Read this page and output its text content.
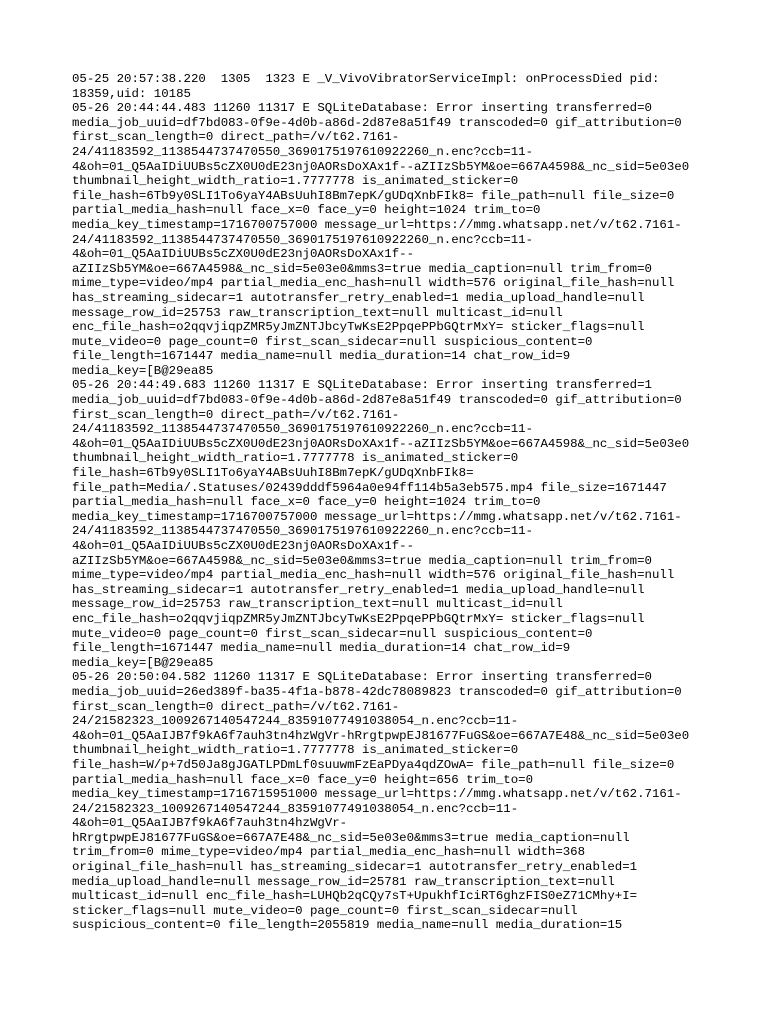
05-25 20:57:38.220  1305  1323 E _V_VivoVibratorServiceImpl: onProcessDied pid:
18359,uid: 10185
05-26 20:44:44.483 11260 11317 E SQLiteDatabase: Error inserting transferred=0
media_job_uuid=df7bd083-0f9e-4d0b-a86d-2d87e8a51f49 transcoded=0 gif_attribution=0
first_scan_length=0 direct_path=/v/t62.7161-
24/41183592_1138544737470550_3690175197610922260_n.enc?ccb=11-
4&oh=01_Q5AaIDiUUBs5cZX0U0dE23nj0AORsDoXAx1f--aZIIzSb5YM&oe=667A4598&_nc_sid=5e03e0
thumbnail_height_width_ratio=1.7777778 is_animated_sticker=0
file_hash=6Tb9y0SLI1To6yaY4ABsUuhI8Bm7epK/gUDqXnbFIk8= file_path=null file_size=0
partial_media_hash=null face_x=0 face_y=0 height=1024 trim_to=0
media_key_timestamp=1716700757000 message_url=https://mmg.whatsapp.net/v/t62.7161-
24/41183592_1138544737470550_3690175197610922260_n.enc?ccb=11-
4&oh=01_Q5AaIDiUUBs5cZX0U0dE23nj0AORsDoXAx1f--
aZIIzSb5YM&oe=667A4598&_nc_sid=5e03e0&mms3=true media_caption=null trim_from=0
mime_type=video/mp4 partial_media_enc_hash=null width=576 original_file_hash=null
has_streaming_sidecar=1 autotransfer_retry_enabled=1 media_upload_handle=null
message_row_id=25753 raw_transcription_text=null multicast_id=null
enc_file_hash=o2qqvjiqpZMR5yJmZNTJbcyTwKsE2PpqePPbGQtrMxY= sticker_flags=null
mute_video=0 page_count=0 first_scan_sidecar=null suspicious_content=0
file_length=1671447 media_name=null media_duration=14 chat_row_id=9
media_key=[B@29ea85
05-26 20:44:49.683 11260 11317 E SQLiteDatabase: Error inserting transferred=1
media_job_uuid=df7bd083-0f9e-4d0b-a86d-2d87e8a51f49 transcoded=0 gif_attribution=0
first_scan_length=0 direct_path=/v/t62.7161-
24/41183592_1138544737470550_3690175197610922260_n.enc?ccb=11-
4&oh=01_Q5AaIDiUUBs5cZX0U0dE23nj0AORsDoXAx1f--aZIIzSb5YM&oe=667A4598&_nc_sid=5e03e0
thumbnail_height_width_ratio=1.7777778 is_animated_sticker=0
file_hash=6Tb9y0SLI1To6yaY4ABsUuhI8Bm7epK/gUDqXnbFIk8=
file_path=Media/.Statuses/02439dddf5964a0e94ff114b5a3eb575.mp4 file_size=1671447
partial_media_hash=null face_x=0 face_y=0 height=1024 trim_to=0
media_key_timestamp=1716700757000 message_url=https://mmg.whatsapp.net/v/t62.7161-
24/41183592_1138544737470550_3690175197610922260_n.enc?ccb=11-
4&oh=01_Q5AaIDiUUBs5cZX0U0dE23nj0AORsDoXAx1f--
aZIIzSb5YM&oe=667A4598&_nc_sid=5e03e0&mms3=true media_caption=null trim_from=0
mime_type=video/mp4 partial_media_enc_hash=null width=576 original_file_hash=null
has_streaming_sidecar=1 autotransfer_retry_enabled=1 media_upload_handle=null
message_row_id=25753 raw_transcription_text=null multicast_id=null
enc_file_hash=o2qqvjiqpZMR5yJmZNTJbcyTwKsE2PpqePPbGQtrMxY= sticker_flags=null
mute_video=0 page_count=0 first_scan_sidecar=null suspicious_content=0
file_length=1671447 media_name=null media_duration=14 chat_row_id=9
media_key=[B@29ea85
05-26 20:50:04.582 11260 11317 E SQLiteDatabase: Error inserting transferred=0
media_job_uuid=26ed389f-ba35-4f1a-b878-42dc78089823 transcoded=0 gif_attribution=0
first_scan_length=0 direct_path=/v/t62.7161-
24/21582323_1009267140547244_83591077491038054_n.enc?ccb=11-
4&oh=01_Q5AaIJB7f9kA6f7auh3tn4hzWgVr-hRrgtpwpEJ81677FuGS&oe=667A7E48&_nc_sid=5e03e0
thumbnail_height_width_ratio=1.7777778 is_animated_sticker=0
file_hash=W/p+7d50Ja8gJGATLPDmLf0suuwmFzEaPDya4qdZOwA= file_path=null file_size=0
partial_media_hash=null face_x=0 face_y=0 height=656 trim_to=0
media_key_timestamp=1716715951000 message_url=https://mmg.whatsapp.net/v/t62.7161-
24/21582323_1009267140547244_83591077491038054_n.enc?ccb=11-
4&oh=01_Q5AaIJB7f9kA6f7auh3tn4hzWgVr-
hRrgtpwpEJ81677FuGS&oe=667A7E48&_nc_sid=5e03e0&mms3=true media_caption=null
trim_from=0 mime_type=video/mp4 partial_media_enc_hash=null width=368
original_file_hash=null has_streaming_sidecar=1 autotransfer_retry_enabled=1
media_upload_handle=null message_row_id=25781 raw_transcription_text=null
multicast_id=null enc_file_hash=LUHQb2qCQy7sT+UpukhfIciRT6ghzFIS0eZ71CMhy+I=
sticker_flags=null mute_video=0 page_count=0 first_scan_sidecar=null
suspicious_content=0 file_length=2055819 media_name=null media_duration=15
